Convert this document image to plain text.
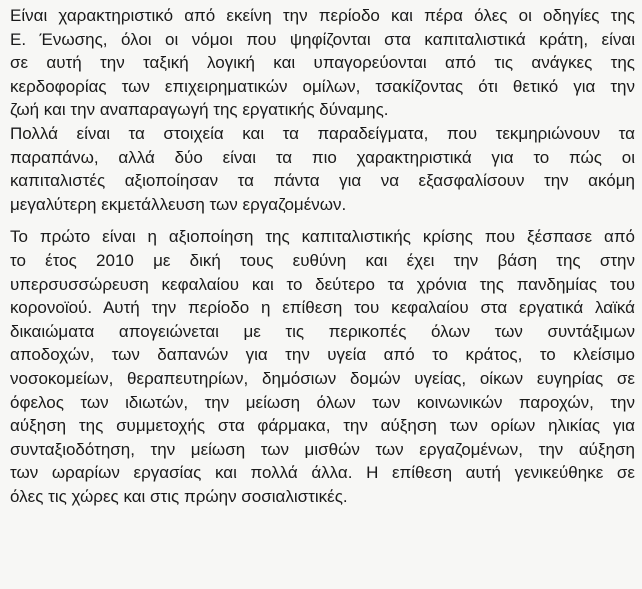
Είναι χαρακτηριστικό από εκείνη την περίοδο και πέρα όλες οι οδηγίες της
Ε. Ένωσης, όλοι οι νόμοι που ψηφίζονται στα καπιταλιστικά κράτη, είναι
σε αυτή την ταξική λογική και υπαγορεύονται από τις ανάγκες της
κερδοφορίας των επιχειρηματικών ομίλων, τσακίζοντας ότι θετικό για την
ζωή και την αναπαραγωγή της εργατικής δύναμης.
Πολλά είναι τα στοιχεία και τα παραδείγματα, που τεκμηριώνουν τα
παραπάνω, αλλά δύο είναι τα πιο χαρακτηριστικά για το πώς οι
καπιταλιστές αξιοποίησαν τα πάντα για να εξασφαλίσουν την ακόμη
μεγαλύτερη εκμετάλλευση των εργαζομένων.
Το πρώτο είναι η αξιοποίηση της καπιταλιστικής κρίσης που ξέσπασε από
το έτος 2010 με δική τους ευθύνη και έχει την βάση της στην
υπερσυσσώρευση κεφαλαίου και το δεύτερο τα χρόνια της πανδημίας του
κορονοϊού. Αυτή την περίοδο η επίθεση του κεφαλαίου στα εργατικά λαϊκά
δικαιώματα απογειώνεται με τις περικοπές όλων των συντάξιμων
αποδοχών, των δαπανών για την υγεία από το κράτος, το κλείσιμο
νοσοκομείων, θεραπευτηρίων, δημόσιων δομών υγείας, οίκων ευγηρίας σε
όφελος των ιδιωτών, την μείωση όλων των κοινωνικών παροχών, την
αύξηση της συμμετοχής στα φάρμακα, την αύξηση των ορίων ηλικίας για
συνταξιοδότηση, την μείωση των μισθών των εργαζομένων, την αύξηση
των ωραρίων εργασίας και πολλά άλλα. Η επίθεση αυτή γενικεύθηκε σε
όλες τις χώρες και στις πρώην σοσιαλιστικές.
